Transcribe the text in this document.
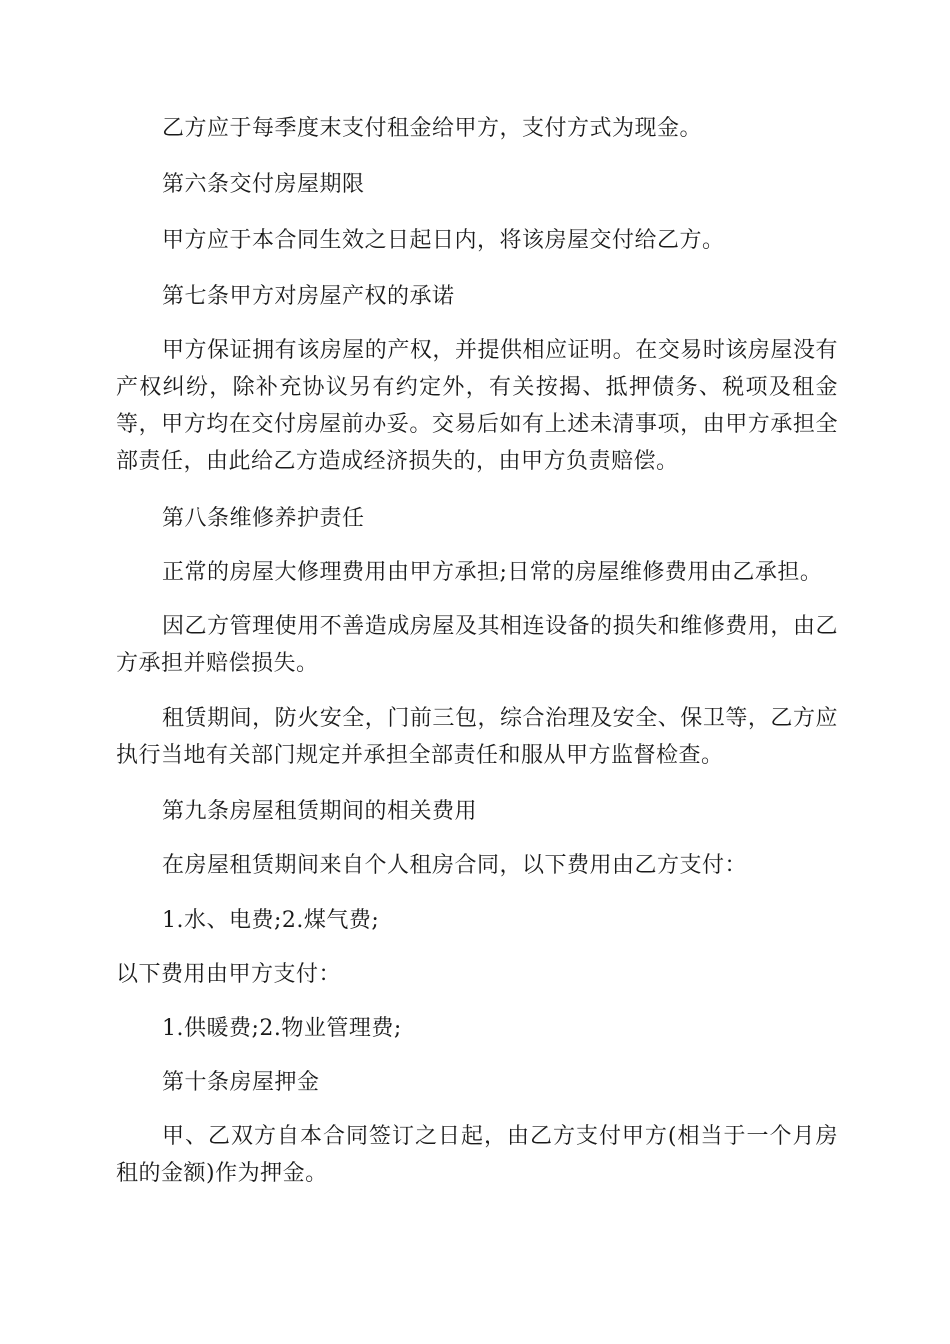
乙方应于每季度末支付租金给甲方，支付方式为现金。

第六条交付房屋期限

甲方应于本合同生效之日起日内，将该房屋交付给乙方。

第七条甲方对房屋产权的承诺

甲方保证拥有该房屋的产权，并提供相应证明。在交易时该房屋没有产权纠纷，除补充协议另有约定外，有关按揭、抵押债务、税项及租金等，甲方均在交付房屋前办妥。交易后如有上述未清事项，由甲方承担全部责任，由此给乙方造成经济损失的，由甲方负责赔偿。

第八条维修养护责任

正常的房屋大修理费用由甲方承担;日常的房屋维修费用由乙承担。

因乙方管理使用不善造成房屋及其相连设备的损失和维修费用，由乙方承担并赔偿损失。

租赁期间，防火安全，门前三包，综合治理及安全、保卫等，乙方应执行当地有关部门规定并承担全部责任和服从甲方监督检查。

第九条房屋租赁期间的相关费用

在房屋租赁期间来自个人租房合同，以下费用由乙方支付：

1.水、电费;2.煤气费;

以下费用由甲方支付：

1.供暖费;2.物业管理费;

第十条房屋押金

甲、乙双方自本合同签订之日起，由乙方支付甲方(相当于一个月房租的金额)作为押金。
